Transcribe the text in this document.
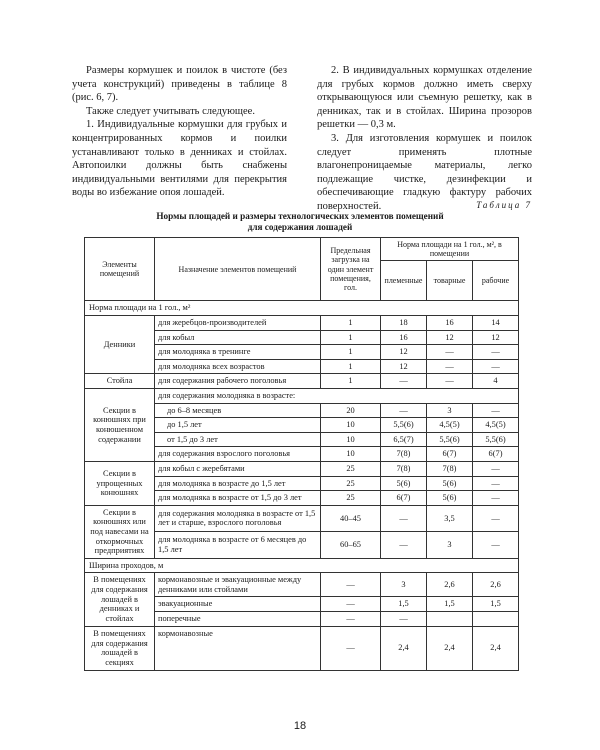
Размеры кормушек и поилок в чистоте (без учета конструкций) приведены в таблице 8 (рис. 6, 7).

Также следует учитывать следующее.

1. Индивидуальные кормушки для грубых и концентрированных кормов и поилки устанавливают только в денниках и стойлах. Автопоилки должны быть снабжены индивидуальными вентилями для перекрытия воды во избежание опоя лошадей.

2. В индивидуальных кормушках отделение для грубых кормов должно иметь сверху открывающуюся или съемную решетку, как в денниках, так и в стойлах. Ширина прозоров решетки — 0,3 м.

3. Для изготовления кормушек и поилок следует применять плотные влагонепроницаемые материалы, легко подлежащие чистке, дезинфекции и обеспечивающие гладкую фактуру рабочих поверхностей.	Таблица 7
Нормы площадей и размеры технологических элементов помещений
для содержания лошадей
Элементы помещений	Назначение элементов помещений	Предельная загрузка на один элемент помещения, гол.	Норма площади на 1 гол., м², в помещении		
			племенные	товарные	рабочие
Норма площади на 1 гол., м²					
Денники	для жеребцов-производителей	1	18	16	14
	для кобыл	1	16	12	12
	для молодняка в тренинге	1	12	—	—
	для молодняка всех возрастов	1	12	—	—
Стойла	для содержания рабочего поголовья	1	—	—	4
Секции в конюшнях при конюшенном содержании	для содержания молодняка в возрасте:				
	до 6–8 месяцев	20	—	3	—
	до 1,5 лет	10	5,5(6)	4,5(5)	4,5(5)
	от 1,5 до 3 лет	10	6,5(7)	5,5(6)	5,5(6)
	для содержания взрослого поголовья	10	7(8)	6(7)	6(7)
Секции в упрощенных конюшнях	для кобыл с жеребятами	25	7(8)	7(8)	—
	для молодняка в возрасте до 1,5 лет	25	5(6)	5(6)	—
	для молодняка в возрасте от 1,5 до 3 лет	25	6(7)	5(6)	—
Секции в конюшнях или под навесами на откормочных предприятиях	для содержания молодняка в возрасте от 1,5 лет и старше, взрослого поголовья	40–45	—	3,5	—
	для молодняка в возрасте от 6 месяцев до 1,5 лет	60–65	—	3	—
Ширина проходов, м					
В помещениях для содержания лошадей в денниках и стойлах	кормонавозные и эвакуационные между денниками или стойлами	—	3	2,6	2,6
	эвакуационные	—	1,5	1,5	1,5
	поперечные	—	—		
В помещениях для содержания лошадей в секциях	кормонавозные	—	2,4	2,4	2,4
18
